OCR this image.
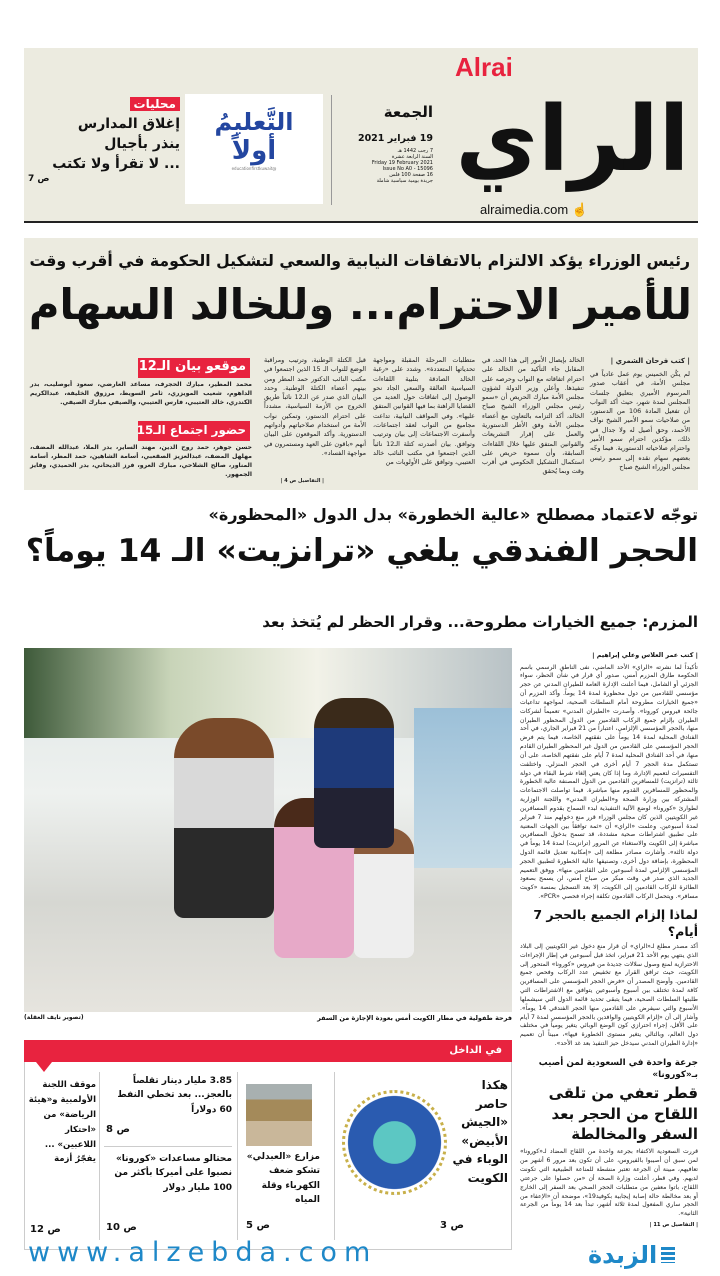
Alrai
الراي
alraimedia.com ☝
الجمعة
19 فبراير 2021
7 رجب 1442 هـ
السنة الرابعة عشرة
Friday 19 February 2021
Issue No A0 - 15096
16 صفحة 100 فلس
جريدة يومية سياسية شاملة
التَّعليمُ
أولاً
@educationfirstkuwait
محليات
إغلاق المدارس
ينذر بأجيال
... لا تقرأ ولا تكتب
ص 7
رئيس الوزراء يؤكد الالتزام بالاتفاقات النيابية والسعي لتشكيل الحكومة في أقرب وقت
للأمير الاحترام... وللخالد السهام
| كتب فرحان الشمري |
لم يكُن الخميس يوم عمل عادياً في مجلس الأمة، في أعقاب صدور المرسوم الأميري بتعليق جلسات المجلس لمدة شهر، حيث أكد النواب أن تفعيل المادة 106 من الدستور، من صلاحيات سمو الأمير الشيخ نواف الأحمد، وحق أصيل له ولا جدال في ذلك، مؤكدين احترام سمو الأمير واحترام صلاحياته الدستورية. فيما وجّه بعضهم سهام نقده إلى سمو رئيس مجلس الوزراء الشيخ صباح
الخالد بإيصال الأمور إلى هذا الحد، في المقابل جاء التأكيد من الخالد على احترام اتفاقاته مع النواب وحرصه على تنفيذها. وأعلن وزير الدولة لشؤون مجلس الأمة مبارك الحريص أن «سمو رئيس مجلس الوزراء الشيخ صباح الخالد، أكد التزامه بالتعاون مع أعضاء مجلس الأمة وفق الأطر الدستورية والعمل على إقرار التشريعات والقوانين المتفق عليها خلال اللقاءات السابقة، وأن سموه حريص على استكمال التشكيل الحكومي في أقرب وقت وبما يُحقق
متطلبات المرحلة المقبلة ومواجهة تحدياتها المتعددة». وشدد على «رغبة الخالد الصادقة بتلبية اللقاءات السياسية العالقة والسعي الجاد نحو الوصول إلى اتفاقات حول العديد من القضايا الراهنة بما فيها القوانين المتفق عليها». وفي المواقف النيابية، تداعت مجاميع من النواب لعقد اجتماعات، وأسفرت الاجتماعات إلى بيان وترتيب وتوافق. بيان أصدرته كتلة الـ12 نائباً الذين اجتمعوا في مكتب النائب خالد العتيبي، وتوافق على الأولويات من
قبل الكتلة الوطنية، وترتيب ومراقبة الوضع للنواب الـ 15 الذين اجتمعوا في مكتب النائب الدكتور حمد المطر ومن بينهم أعضاء الكتلة الوطنية. وحدد البيان الذي صدر عن الـ12 نائباً طريق الخروج من الأزمة السياسية، مشدداً على احترام الدستور، وتمكين نواب الأمة من استخدام صلاحياتهم وأدواتهم الدستورية. وأكد الموقعون على البيان أنهم «باقون على العهد ومستمرون في مواجهة الفساد».
| التفاصيل ص 4 |
موقعو بيان الـ12
محمد المطير، مبارك الحجرف، مساعد العارضي، سعود أبوصليب، بدر الداهوم، شعيب المويزري، ثامر السويط، مرزوق الخليفة، عبدالكريم الكندري، خالد العتيبي، فارس العتيبي، والصيفي مبارك الصيفي.
حضور اجتماع الـ15
حسن جوهر، حمد روح الدين، مهند الساير، بدر الملا، عبدالله المضف، مهلهل المضف، عبدالعزيز الصقعبي، أسامة الشاهين، حمد المطر، أسامة المناور، صالح الشلاحي، مبارك العرو، فرز الديحاني، بدر الحميدي، وفايز الجمهور.
توجّه لاعتماد مصطلح «عالية الخطورة» بدل الدول «المحظورة»
الحجر الفندقي يلغي «ترانزيت» الـ 14 يوماً؟
المزرم: جميع الخيارات مطروحة... وقرار الحظر لم يُتخذ بعد
فرحة طفولية في مطار الكويت أمس بعودة الإجازة من السفر
(تصوير نايف العقلة)
| كتب عمر العلاس وعلي إبراهيم |
تأكيداً لما نشرته «الراي» الأحد الماضي، نفى الناطق الرسمي باسم الحكومة طارق المزرم أمس، صدور أي قرار في شأن الحظر، سواء الجزئي أو الشامل، فيما أعلنت الإدارة العامة للطيران المدني عن حجر مؤسسي للقادمين من دول محظورة لمدة 14 يوماً. وأكد المزرم أن «جميع الخيارات مطروحة أمام السلطات الصحية، لمواجهة تداعيات جائحة فيروس كورونا». وأصدرت «الطيران المدني» تعميماً لشركات الطيران بإلزام جميع الركاب القادمين من الدول المحظور الطيران منها، بالحجر المؤسسي الإلزامي، اعتباراً من 21 فبراير الجاري، في أحد الفنادق المحلية لمدة 14 يوماً على نفقتهم الخاصة، فيما يتم فرض الحجر المؤسسي على القادمين من الدول غير المحظور الطيران القادم منها، في أحد الفنادق المحلية لمدة 7 أيام على نفقتهم الخاصة، على أن تستكمل مدة الحجر 7 أيام أخرى في الحجر المنزلي. واختلفت التفسيرات لتعميم الإدارة، وما إذا كان يعني إلغاء شرط البقاء في دولة ثالثة (ترانزيت) للمسافرين القادمين من الدول المصنفة عالية الخطورة والمحظور للمسافرين القدوم منها مباشرة. فيما تواصلت الاجتماعات المشتركة بين وزارة الصحة و«الطيران المدني» واللجنة الوزارية لطوارئ «كورونا» لوضع الآلية التنفيذية لبدء السماح بقدوم المسافرين غير الكويتيين الذين كان مجلس الوزراء قرر منع دخولهم منذ 7 فبراير لمدة أسبوعين. وعلمت «الراي» أن «ثمة توافقاً بين الجهات المعنية على تطبيق اشتراطات صحية مشددة، قد تسمح بدخول المسافرين مباشرة إلى الكويت والاستغناء عن المرور (ترانزيت) لمدة 14 يوماً في دولة ثالثة». وأشارت مصادر مطلعة إلى «إمكانية تعديل قائمة الدول المحظورة، بإضافة دول أخرى، وتصنيفها عالية الخطورة لتطبيق الحجر المؤسسي الإلزامي لمدة أسبوعين على القادمين منها». ووفق التعميم الجديد الذي صدر في وقت مبكر من صباح أمس، لن يسمح بصعود الطائرة للركاب القادمين إلى الكويت، إلا بعد التسجيل بمنصة «كويت مسافر». ويتحمل الركاب القادمون تكلفة إجراء فحصي «PCR».
لماذا إلزام الجميع بالحجر 7 أيام؟
أكد مصدر مطلع لـ«الراي» أن قرار منع دخول غير الكويتيين إلى البلاد الذي ينتهي يوم الأحد 21 فبراير، اتخذ قبل أسبوعين في إطار الإجراءات الاحترازية لمنع وصول سلالات جديدة من فيروس «كورونا» المتحور إلى الكويت، حيث ترافق القرار مع تخفيض عدد الركاب وفحص جميع القادمين. وأوضح المصدر أن «فرض الحجر المؤسسي على المسافرين كافة لمدة تختلف بين أسبوع وأسبوعين يتوافق مع الاشتراطات التي طلبتها السلطات الصحية، فيما يتبقى تحديد قائمة الدول التي سيشملها الأسبوع والتي سيفرض على القادمين منها الحجر الفندقي 14 يوماً». وأشار إلى أن «إلزام الكويتيين والوافدين بالحجر المؤسسي لمدة 7 أيام على الأقل، إجراء احترازي كون الوضع الوبائي يتغير يومياً في مختلف دول العالم، وبالتالي يتغير مستوى الخطورة فيها»، مبيناً أن تعميم «إدارة الطيران المدني سيدخل حيز التنفيذ بعد غد الأحد».
جرعة واحدة في السعودية لمن أصيب بـ«كورونا»
قطر تعفي من تلقى اللقاح من الحجر بعد السفر والمخالطة
قررت السعودية الاكتفاء بجرعة واحدة من اللقاح المضاد لـ«كورونا» لمن سبق أن أصيبوا بالفيروس، على أن تكون بعد مرور 6 أشهر من تعافيهم، مبينة أن الجرعة تعتبر منشطة للمناعة الطبيعية التي تكونت لديهم. وفي قطر، أعلنت وزارة الصحة أن «من حصلوا على جرعتي اللقاح، باتوا معفين من متطلبات الحجر الصحي بعد السفر إلى الخارج أو بعد مخالطة حالة إصابة إيجابية بكوفيد19»، موضحة أن «الإعفاء من الحجر ساري المفعول لمدة ثلاثة أشهر، تبدأ بعد 14 يوماً من الجرعة الثانية».
| التفاصيل ص 11 |
في الداخل
هكذا حاصر «الجيش الأبيض» الوباء في الكويت
ص 3
مزارع «العبدلي» تشكو ضعف الكهرباء وقلة المياه
ص 5
3.85 مليار دينار تقلصاً بالعجز... بعد تخطي النفط 60 دولاراً
ص 8
محتالو مساعدات «كورونا» نصبوا على أميركا بأكثر من 100 مليار دولار
ص 10
موقف اللجنة الأولمبية و«هيئة الرياضة» من «احتكار اللاعبين» ... يفجّرُ أزمة
ص 12
www.alzebda.com	الزبدة
